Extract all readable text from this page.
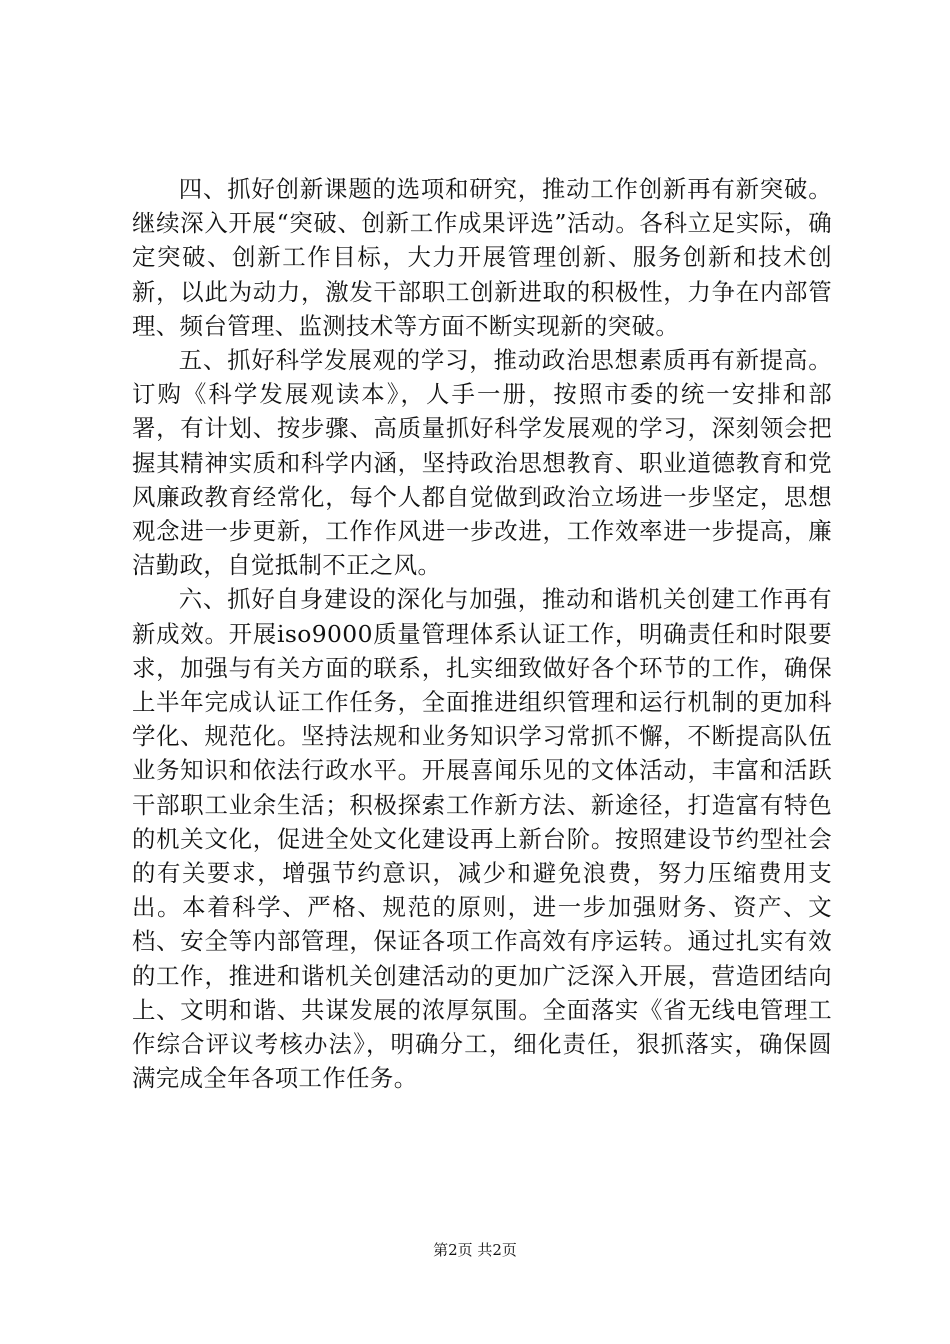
四、抓好创新课题的选项和研究，推动工作创新再有新突破。继续深入开展“突破、创新工作成果评选”活动。各科立足实际，确定突破、创新工作目标，大力开展管理创新、服务创新和技术创新，以此为动力，激发干部职工创新进取的积极性，力争在内部管理、频台管理、监测技术等方面不断实现新的突破。

五、抓好科学发展观的学习，推动政治思想素质再有新提高。订购《科学发展观读本》，人手一册，按照市委的统一安排和部署，有计划、按步骤、高质量抓好科学发展观的学习，深刻领会把握其精神实质和科学内涵，坚持政治思想教育、职业道德教育和党风廉政教育经常化，每个人都自觉做到政治立场进一步坚定，思想观念进一步更新，工作作风进一步改进，工作效率进一步提高，廉洁勤政，自觉抵制不正之风。

六、抓好自身建设的深化与加强，推动和谐机关创建工作再有新成效。开展iso9000质量管理体系认证工作，明确责任和时限要求，加强与有关方面的联系，扎实细致做好各个环节的工作，确保上半年完成认证工作任务，全面推进组织管理和运行机制的更加科学化、规范化。坚持法规和业务知识学习常抓不懈，不断提高队伍业务知识和依法行政水平。开展喜闻乐见的文体活动，丰富和活跃干部职工业余生活；积极探索工作新方法、新途径，打造富有特色的机关文化，促进全处文化建设再上新台阶。按照建设节约型社会的有关要求，增强节约意识，减少和避免浪费，努力压缩费用支出。本着科学、严格、规范的原则，进一步加强财务、资产、文档、安全等内部管理，保证各项工作高效有序运转。通过扎实有效的工作，推进和谐机关创建活动的更加广泛深入开展，营造团结向上、文明和谐、共谋发展的浓厚氛围。全面落实《省无线电管理工作综合评议考核办法》，明确分工，细化责任，狠抓落实，确保圆满完成全年各项工作任务。

第2页 共2页
